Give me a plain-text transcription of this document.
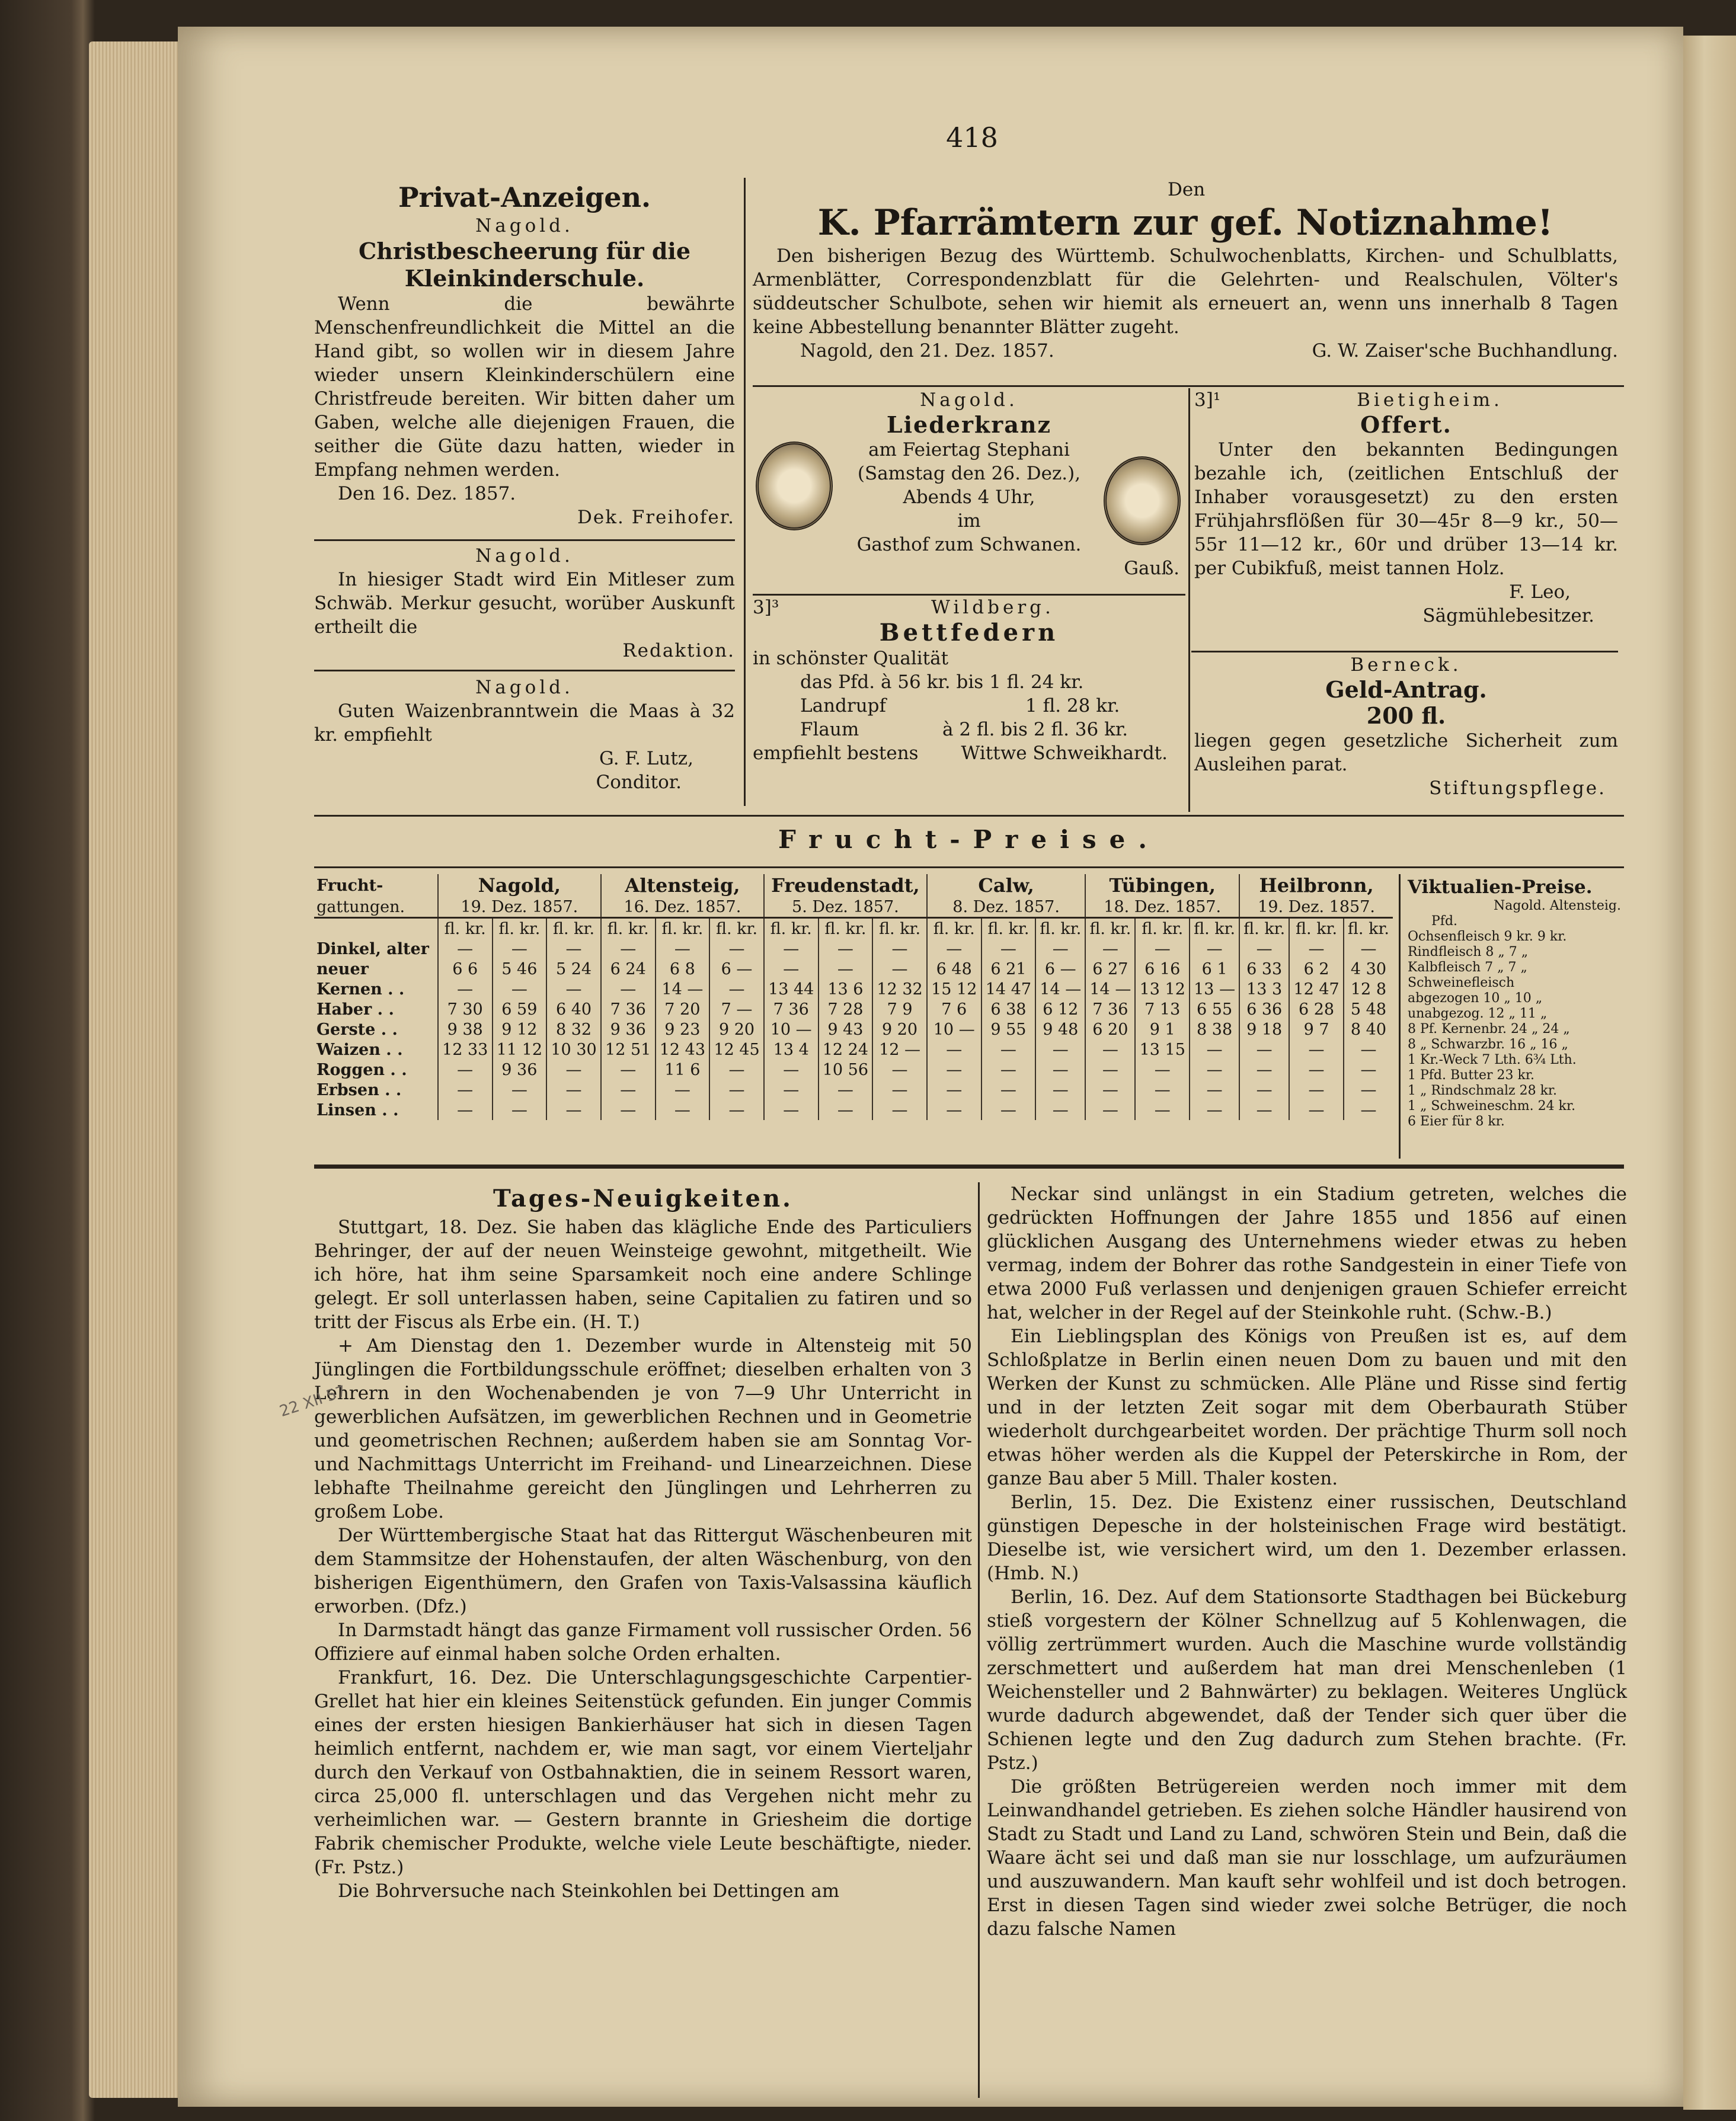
418
Privat-Anzeigen.
Nagold.
Christbescheerung für die
Kleinkinderschule.

Wenn die bewährte Menschenfreundlichkeit die Mittel an die Hand gibt, so wollen wir in diesem Jahre wieder unsern Kleinkinderschülern eine Christfreude bereiten. Wir bitten daher um Gaben, welche alle diejenigen Frauen, die seither die Güte dazu hatten, wieder in Empfang nehmen werden.

Den 16. Dez. 1857.
Dek. Freihofer.
Nagold.

In hiesiger Stadt wird Ein Mitleser zum Schwäb. Merkur gesucht, worüber Auskunft ertheilt die

Redaktion.
Nagold.

Guten Waizenbranntwein die Maas à 32 kr. empfiehlt

G. F. Lutz,
Conditor.
Den
K. Pfarrämtern zur gef. Notiznahme!

Den bisherigen Bezug des Württemb. Schulwochenblatts, Kirchen- und Schulblatts, Armenblätter, Correspondenzblatt für die Gelehrten- und Realschulen, Völter's süddeutscher Schulbote, sehen wir hiemit als erneuert an, wenn uns innerhalb 8 Tagen keine Abbestellung benannter Blätter zugeht.

Nagold, den 21. Dez. 1857.	G. W. Zaiser'sche Buchhandlung.
Nagold.
Liederkranz
am Feiertag Stephani
(Samstag den 26. Dez.),
Abends 4 Uhr,
im
Gasthof zum Schwanen.
Gauß.
3]³	Wildberg.
Bettfedern
in schönster Qualität
das Pfd. à 56 kr. bis 1 fl. 24 kr.
Landrupf	1 fl. 28 kr.
Flaum	à 2 fl. bis 2 fl. 36 kr.
empfiehlt bestens	Wittwe Schweikhardt.
3]¹	Bietigheim.
Offert.

Unter den bekannten Bedingungen bezahle ich, (zeitlichen Entschluß der Inhaber vorausgesetzt) zu den ersten Frühjahrsflößen für 30—45r 8—9 kr., 50—55r 11—12 kr., 60r und drüber 13—14 kr. per Cubikfuß, meist tannen Holz.

F. Leo,
Sägmühlebesitzer.
Berneck.
Geld-Antrag.
200 fl.

liegen gegen gesetzliche Sicherheit zum Ausleihen parat.

Stiftungspflege.
Frucht-Preise.
Frucht-	Nagold,			Altensteig,			Freudenstadt,			Calw,			Tübingen,			Heilbronn,		
gattungen.	19. Dez. 1857.			16. Dez. 1857.			5. Dez. 1857.			8. Dez. 1857.			18. Dez. 1857.			19. Dez. 1857.		
	fl. kr.	fl. kr.	fl. kr.	fl. kr.	fl. kr.	fl. kr.	fl. kr.	fl. kr.	fl. kr.	fl. kr.	fl. kr.	fl. kr.	fl. kr.	fl. kr.	fl. kr.	fl. kr.	fl. kr.	fl. kr.
Dinkel, alter	—	—	—	—	—	—	—	—	—	—	—	—	—	—	—	—	—	—
neuer	6 6	5 46	5 24	6 24	6 8	6 —	—	—	—	6 48	6 21	6 —	6 27	6 16	6 1	6 33	6 2	4 30
Kernen . .	—	—	—	—	14 —	—	13 44	13 6	12 32	15 12	14 47	14 —	14 —	13 12	13 —	13 3	12 47	12 8
Haber . .	7 30	6 59	6 40	7 36	7 20	7 —	7 36	7 28	7 9	7 6	6 38	6 12	7 36	7 13	6 55	6 36	6 28	5 48
Gerste . .	9 38	9 12	8 32	9 36	9 23	9 20	10 —	9 43	9 20	10 —	9 55	9 48	6 20	9 1	8 38	9 18	9 7	8 40
Waizen . .	12 33	11 12	10 30	12 51	12 43	12 45	13 4	12 24	12 —	—	—	—	—	13 15	—	—	—	—
Roggen . .	—	9 36	—	—	11 6	—	—	10 56	—	—	—	—	—	—	—	—	—	—
Erbsen . .	—	—	—	—	—	—	—	—	—	—	—	—	—	—	—	—	—	—
Linsen . .	—	—	—	—	—	—	—	—	—	—	—	—	—	—	—	—	—	—
Viktualien-Preise.
Nagold. Altensteig.
Pfd.
Ochsenfleisch 9 kr. 9 kr.
Rindfleisch 8 „ 7 „
Kalbfleisch 7 „ 7 „
Schweinefleisch
abgezogen 10 „ 10 „
unabgezog. 12 „ 11 „
8 Pf. Kernenbr. 24 „ 24 „
8 „ Schwarzbr. 16 „ 16 „
1 Kr.-Weck 7 Lth. 6¾ Lth.
1 Pfd. Butter 23 kr.
1 „ Rindschmalz 28 kr.
1 „ Schweineschm. 24 kr.
6 Eier für 8 kr.
Tages-Neuigkeiten.

Stuttgart, 18. Dez. Sie haben das klägliche Ende des Particuliers Behringer, der auf der neuen Weinsteige gewohnt, mitgetheilt. Wie ich höre, hat ihm seine Sparsamkeit noch eine andere Schlinge gelegt. Er soll unterlassen haben, seine Capitalien zu fatiren und so tritt der Fiscus als Erbe ein. (H. T.)

+ Am Dienstag den 1. Dezember wurde in Altensteig mit 50 Jünglingen die Fortbildungsschule eröffnet; dieselben erhalten von 3 Lehrern in den Wochenabenden je von 7—9 Uhr Unterricht in gewerblichen Aufsätzen, im gewerblichen Rechnen und in Geometrie und geometrischen Rechnen; außerdem haben sie am Sonntag Vor- und Nachmittags Unterricht im Freihand- und Linearzeichnen. Diese lebhafte Theilnahme gereicht den Jünglingen und Lehrherren zu großem Lobe.

Der Württembergische Staat hat das Rittergut Wäschenbeuren mit dem Stammsitze der Hohenstaufen, der alten Wäschenburg, von den bisherigen Eigenthümern, den Grafen von Taxis-Valsassina käuflich erworben. (Dfz.)

In Darmstadt hängt das ganze Firmament voll russischer Orden. 56 Offiziere auf einmal haben solche Orden erhalten.

Frankfurt, 16. Dez. Die Unterschlagungsgeschichte Carpentier-Grellet hat hier ein kleines Seitenstück gefunden. Ein junger Commis eines der ersten hiesigen Bankierhäuser hat sich in diesen Tagen heimlich entfernt, nachdem er, wie man sagt, vor einem Vierteljahr durch den Verkauf von Ostbahnaktien, die in seinem Ressort waren, circa 25,000 fl. unterschlagen und das Vergehen nicht mehr zu verheimlichen war. — Gestern brannte in Griesheim die dortige Fabrik chemischer Produkte, welche viele Leute beschäftigte, nieder. (Fr. Pstz.)

Die Bohrversuche nach Steinkohlen bei Dettingen am

Neckar sind unlängst in ein Stadium getreten, welches die gedrückten Hoffnungen der Jahre 1855 und 1856 auf einen glücklichen Ausgang des Unternehmens wieder etwas zu heben vermag, indem der Bohrer das rothe Sandgestein in einer Tiefe von etwa 2000 Fuß verlassen und denjenigen grauen Schiefer erreicht hat, welcher in der Regel auf der Steinkohle ruht. (Schw.-B.)

Ein Lieblingsplan des Königs von Preußen ist es, auf dem Schloßplatze in Berlin einen neuen Dom zu bauen und mit den Werken der Kunst zu schmücken. Alle Pläne und Risse sind fertig und in der letzten Zeit sogar mit dem Oberbaurath Stüber wiederholt durchgearbeitet worden. Der prächtige Thurm soll noch etwas höher werden als die Kuppel der Peterskirche in Rom, der ganze Bau aber 5 Mill. Thaler kosten.

Berlin, 15. Dez. Die Existenz einer russischen, Deutschland günstigen Depesche in der holsteinischen Frage wird bestätigt. Dieselbe ist, wie versichert wird, um den 1. Dezember erlassen. (Hmb. N.)

Berlin, 16. Dez. Auf dem Stationsorte Stadthagen bei Bückeburg stieß vorgestern der Kölner Schnellzug auf 5 Kohlenwagen, die völlig zertrümmert wurden. Auch die Maschine wurde vollständig zerschmettert und außerdem hat man drei Menschenleben (1 Weichensteller und 2 Bahnwärter) zu beklagen. Weiteres Unglück wurde dadurch abgewendet, daß der Tender sich quer über die Schienen legte und den Zug dadurch zum Stehen brachte. (Fr. Pstz.)

Die größten Betrügereien werden noch immer mit dem Leinwandhandel getrieben. Es ziehen solche Händler hausirend von Stadt zu Stadt und Land zu Land, schwören Stein und Bein, daß die Waare ächt sei und daß man sie nur losschlage, um aufzuräumen und auszuwandern. Man kauft sehr wohlfeil und ist doch betrogen. Erst in diesen Tagen sind wieder zwei solche Betrüger, die noch dazu falsche Namen

22 XII 57
